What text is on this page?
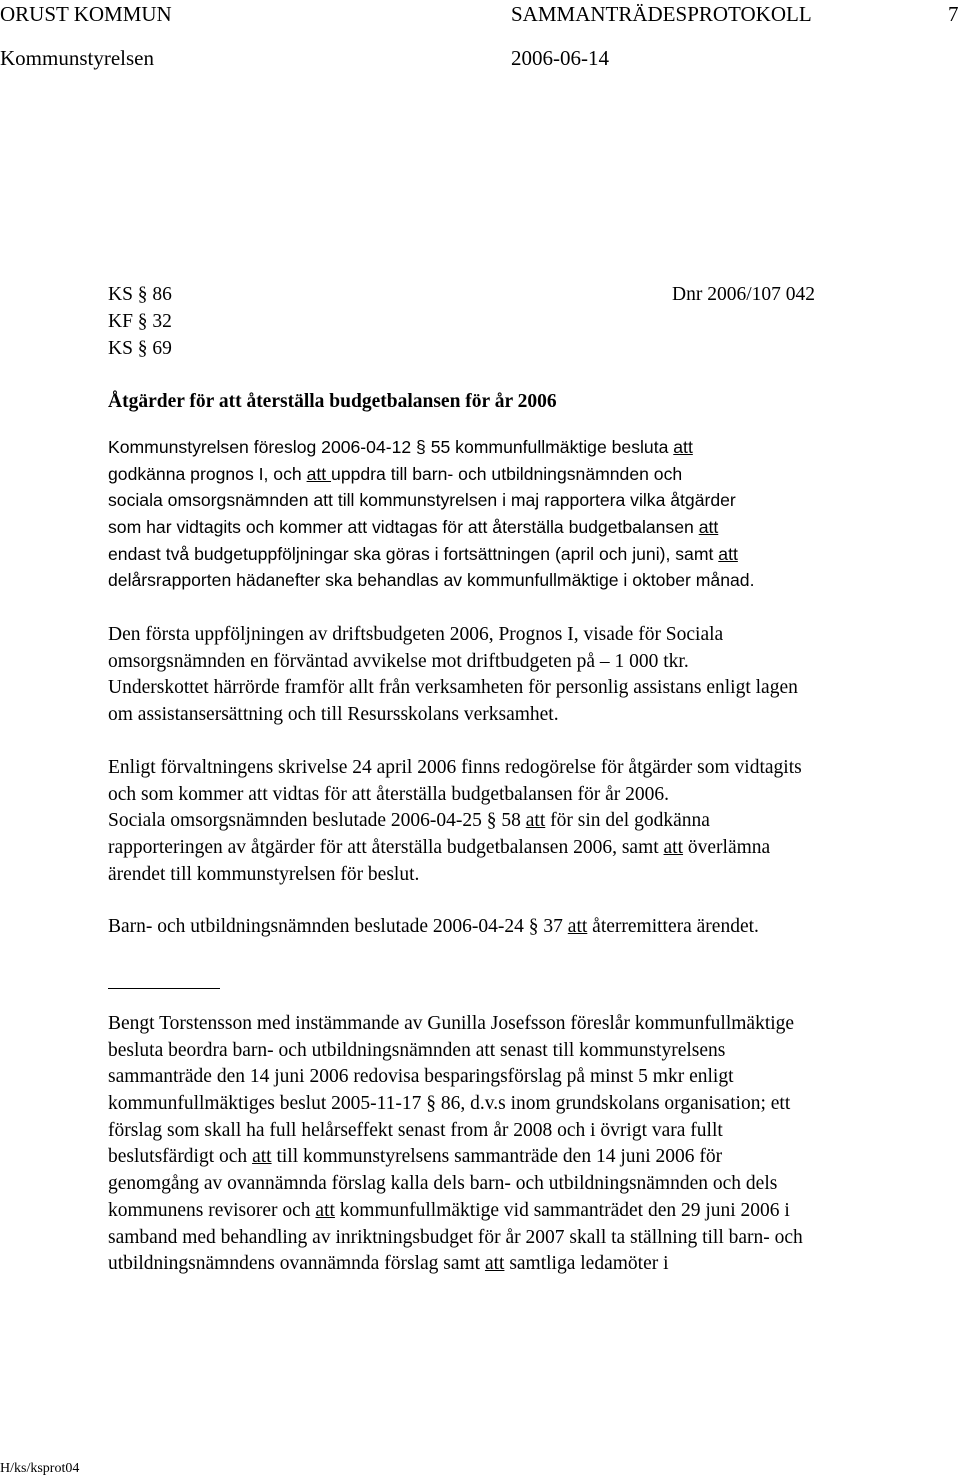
ORUST KOMMUN	SAMMANTRÄDESPROTOKOLL	7
Kommunstyrelsen	2006-06-14
KS § 86	Dnr 2006/107 042
KF § 32
KS § 69
Åtgärder för att återställa budgetbalansen för år 2006
Kommunstyrelsen föreslog 2006-04-12 § 55 kommunfullmäktige besluta att
godkänna prognos I, och att uppdra till barn- och utbildningsnämnden och
sociala omsorgsnämnden att till kommunstyrelsen i maj rapportera vilka åtgärder
som har vidtagits och kommer att vidtagas för att återställa budgetbalansen att
endast två budgetuppföljningar ska göras i fortsättningen (april och juni), samt att
delårsrapporten hädanefter ska behandlas av kommunfullmäktige i oktober månad.
Den första uppföljningen av driftsbudgeten 2006, Prognos I, visade för Sociala
omsorgsnämnden en förväntad avvikelse mot driftbudgeten på – 1 000 tkr.
Underskottet härrörde framför allt från verksamheten för personlig assistans enligt lagen
om assistansersättning och till Resursskolans verksamhet.
Enligt förvaltningens skrivelse 24 april 2006 finns redogörelse för åtgärder som vidtagits
och som kommer att vidtas för att återställa budgetbalansen för år 2006.
Sociala omsorgsnämnden beslutade 2006-04-25 § 58 att för sin del godkänna
rapporteringen av åtgärder för att återställa budgetbalansen 2006, samt att överlämna
ärendet till kommunstyrelsen för beslut.
Barn- och utbildningsnämnden beslutade 2006-04-24 § 37 att återremittera ärendet.
Bengt Torstensson med instämmande av Gunilla Josefsson föreslår kommunfullmäktige
besluta beordra barn- och utbildningsnämnden att senast till kommunstyrelsens
sammanträde den 14 juni 2006 redovisa besparingsförslag på minst 5 mkr enligt
kommunfullmäktiges beslut 2005-11-17 § 86, d.v.s inom grundskolans organisation; ett
förslag som skall ha full helårseffekt senast from år 2008 och i övrigt vara fullt
beslutsfärdigt och att till kommunstyrelsens sammanträde den 14 juni 2006 för
genomgång av ovannämnda förslag kalla dels barn- och utbildningsnämnden och dels
kommunens revisorer och att kommunfullmäktige vid sammanträdet den 29 juni 2006 i
samband med behandling av inriktningsbudget för år 2007 skall ta ställning till barn- och
utbildningsnämndens ovannämnda förslag samt att samtliga ledamöter i
H/ks/ksprot04
